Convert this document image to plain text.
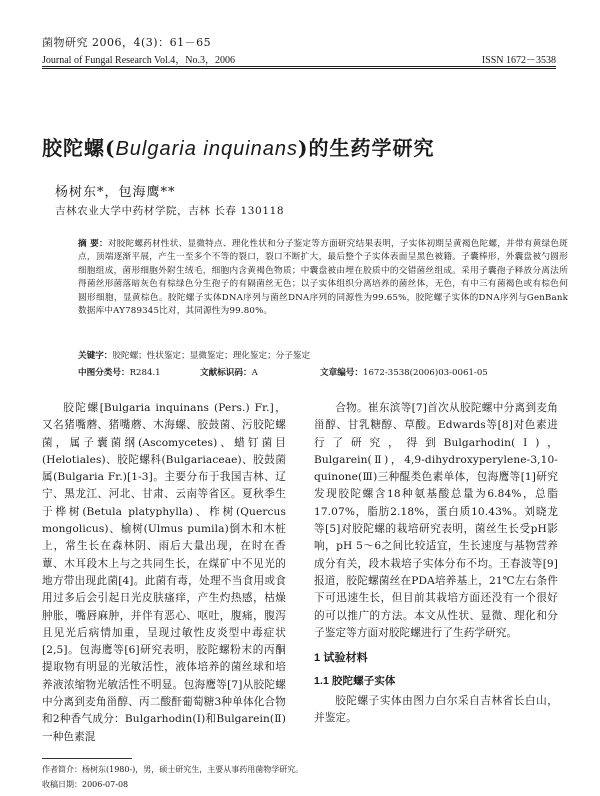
菌物研究 2006，4(3)：61－65
Journal of Fungal Research Vol.4，No.3，2006	ISSN 1672－3538
胶陀螺(Bulgaria inquinans)的生药学研究
杨树东*，包海鹰**
吉林农业大学中药材学院，吉林 长春 130118
摘 要：对胶陀螺药材性状、显微特点、理化性状和分子鉴定等方面研究结果表明，子实体初期呈黄褐色陀螺，并带有黄绿色斑点，顶端逐渐平展，产生一至多个不等的裂口，裂口不断扩大，最后整个子实体表面呈黑色被籍。子囊棒形，外囊盘被勺圆形细胞组成，菌形细胞外附生绒毛，细胞内含黄褐色物质；中囊盘被由埋在胶质中的交错菌丝组成。采用子囊孢子释放分离法所得菌丝形菌落暗灰色有棕绿色分生孢子的有隔菌丝无色；以子实体组织分离培养的菌丝体，无色，有中三有菌褐色或有棕色何圆形细胞，显黄棕色。胶陀螺子实体DNA序列与菌丝DNA序列的同源性为99.65%，胶陀螺子实体的DNA序列与GenBank数据库中AY789345比对，其同源性为99.80%。
关键字：胶陀螺；性状鉴定；显微鉴定；理化鉴定；分子鉴定
中图分类号：R284.1	文献标识码：A	文章编号：1672-3538(2006)03-0061-05

胶陀螺[Bulgaria inquinans (Pers.) Fr.]，又名猪嘴蘑、猪嘴蘑、木海螺、胶鼓菌、污胶陀螺菌，属子囊菌纲(Ascomycetes)、蜡钉菌目(Helotiales)、胶陀螺科(Bulgariaceae)、胶鼓菌属(Bulgaria Fr.)[1-3]。主要分布于我国吉林、辽宁、黑龙江、河北、甘肃、云南等省区。夏秋季生于桦树(Betula platyphylla)、柞树(Quercus mongolicus)、榆树(Ulmus pumila)倒木和木桩上，常生长在森林阴、雨后大量出现，在时在香蕈、木耳段木上与之共同生长，在煤矿中不见光的地方带出现此菌[4]。此菌有毒，处理不当食用或食用过多后会引起日光皮肤瘙痒，产生灼热感，枯燥肿胀，嘴唇麻肿，并伴有恶心、呕吐，腹痛，腹泻且见光后病情加重，呈现过敏性皮炎型中毒症状[2,5]。包海鹰等[6]研究表明，胶陀螺粉末的丙酮提取物有明显的光敏活性，液体培养的菌丝球和培养液浓缩物光敏活性不明显。包海鹰等[7]从胶陀螺中分离到麦角甾醇、丙二酸酐葡萄糖3种单体化合物和2种香气成分：Bulgarhodin(Ⅰ)和Bulgarein(Ⅱ)一种色素混

合物。崔东滨等[7]首次从胶陀螺中分离到麦角甾醇、甘乳糖醇、草酸。Edwards等[8]对色素进行了研究，得到Bulgarhodin(Ⅰ)，Bulgarein(Ⅱ)，4,9-dihydroxyperylene-3,10-quinone(Ⅲ)三种醌类色素单体，包海鹰等[1]研究发现胶陀螺含18种氨基酸总量为6.84%，总脂17.07%，脂肪2.18%，蛋白质10.43%。刘晓龙等[5]对胶陀螺的栽培研究表明，菌丝生长受pH影响，pH 5～6之间比较适宜，生长速度与基物营养成分有关，段木栽培子实体分布不均。王春波等[9]报道，胶陀螺菌丝在PDA培养基上，21℃左右条件下可迅速生长，但目前其栽培方面还没有一个很好的可以推广的方法。本文从性状、显微、理化和分子鉴定等方面对胶陀螺进行了生药学研究。

1 试验材料
1.1 胶陀螺子实体

胶陀螺子实体由图力白尔采自吉林省长白山，并鉴定。

作者简介：杨树东(1980-)，男，硕士研究生，主要从事药用菌物学研究。
收稿日期：2006-07-08
